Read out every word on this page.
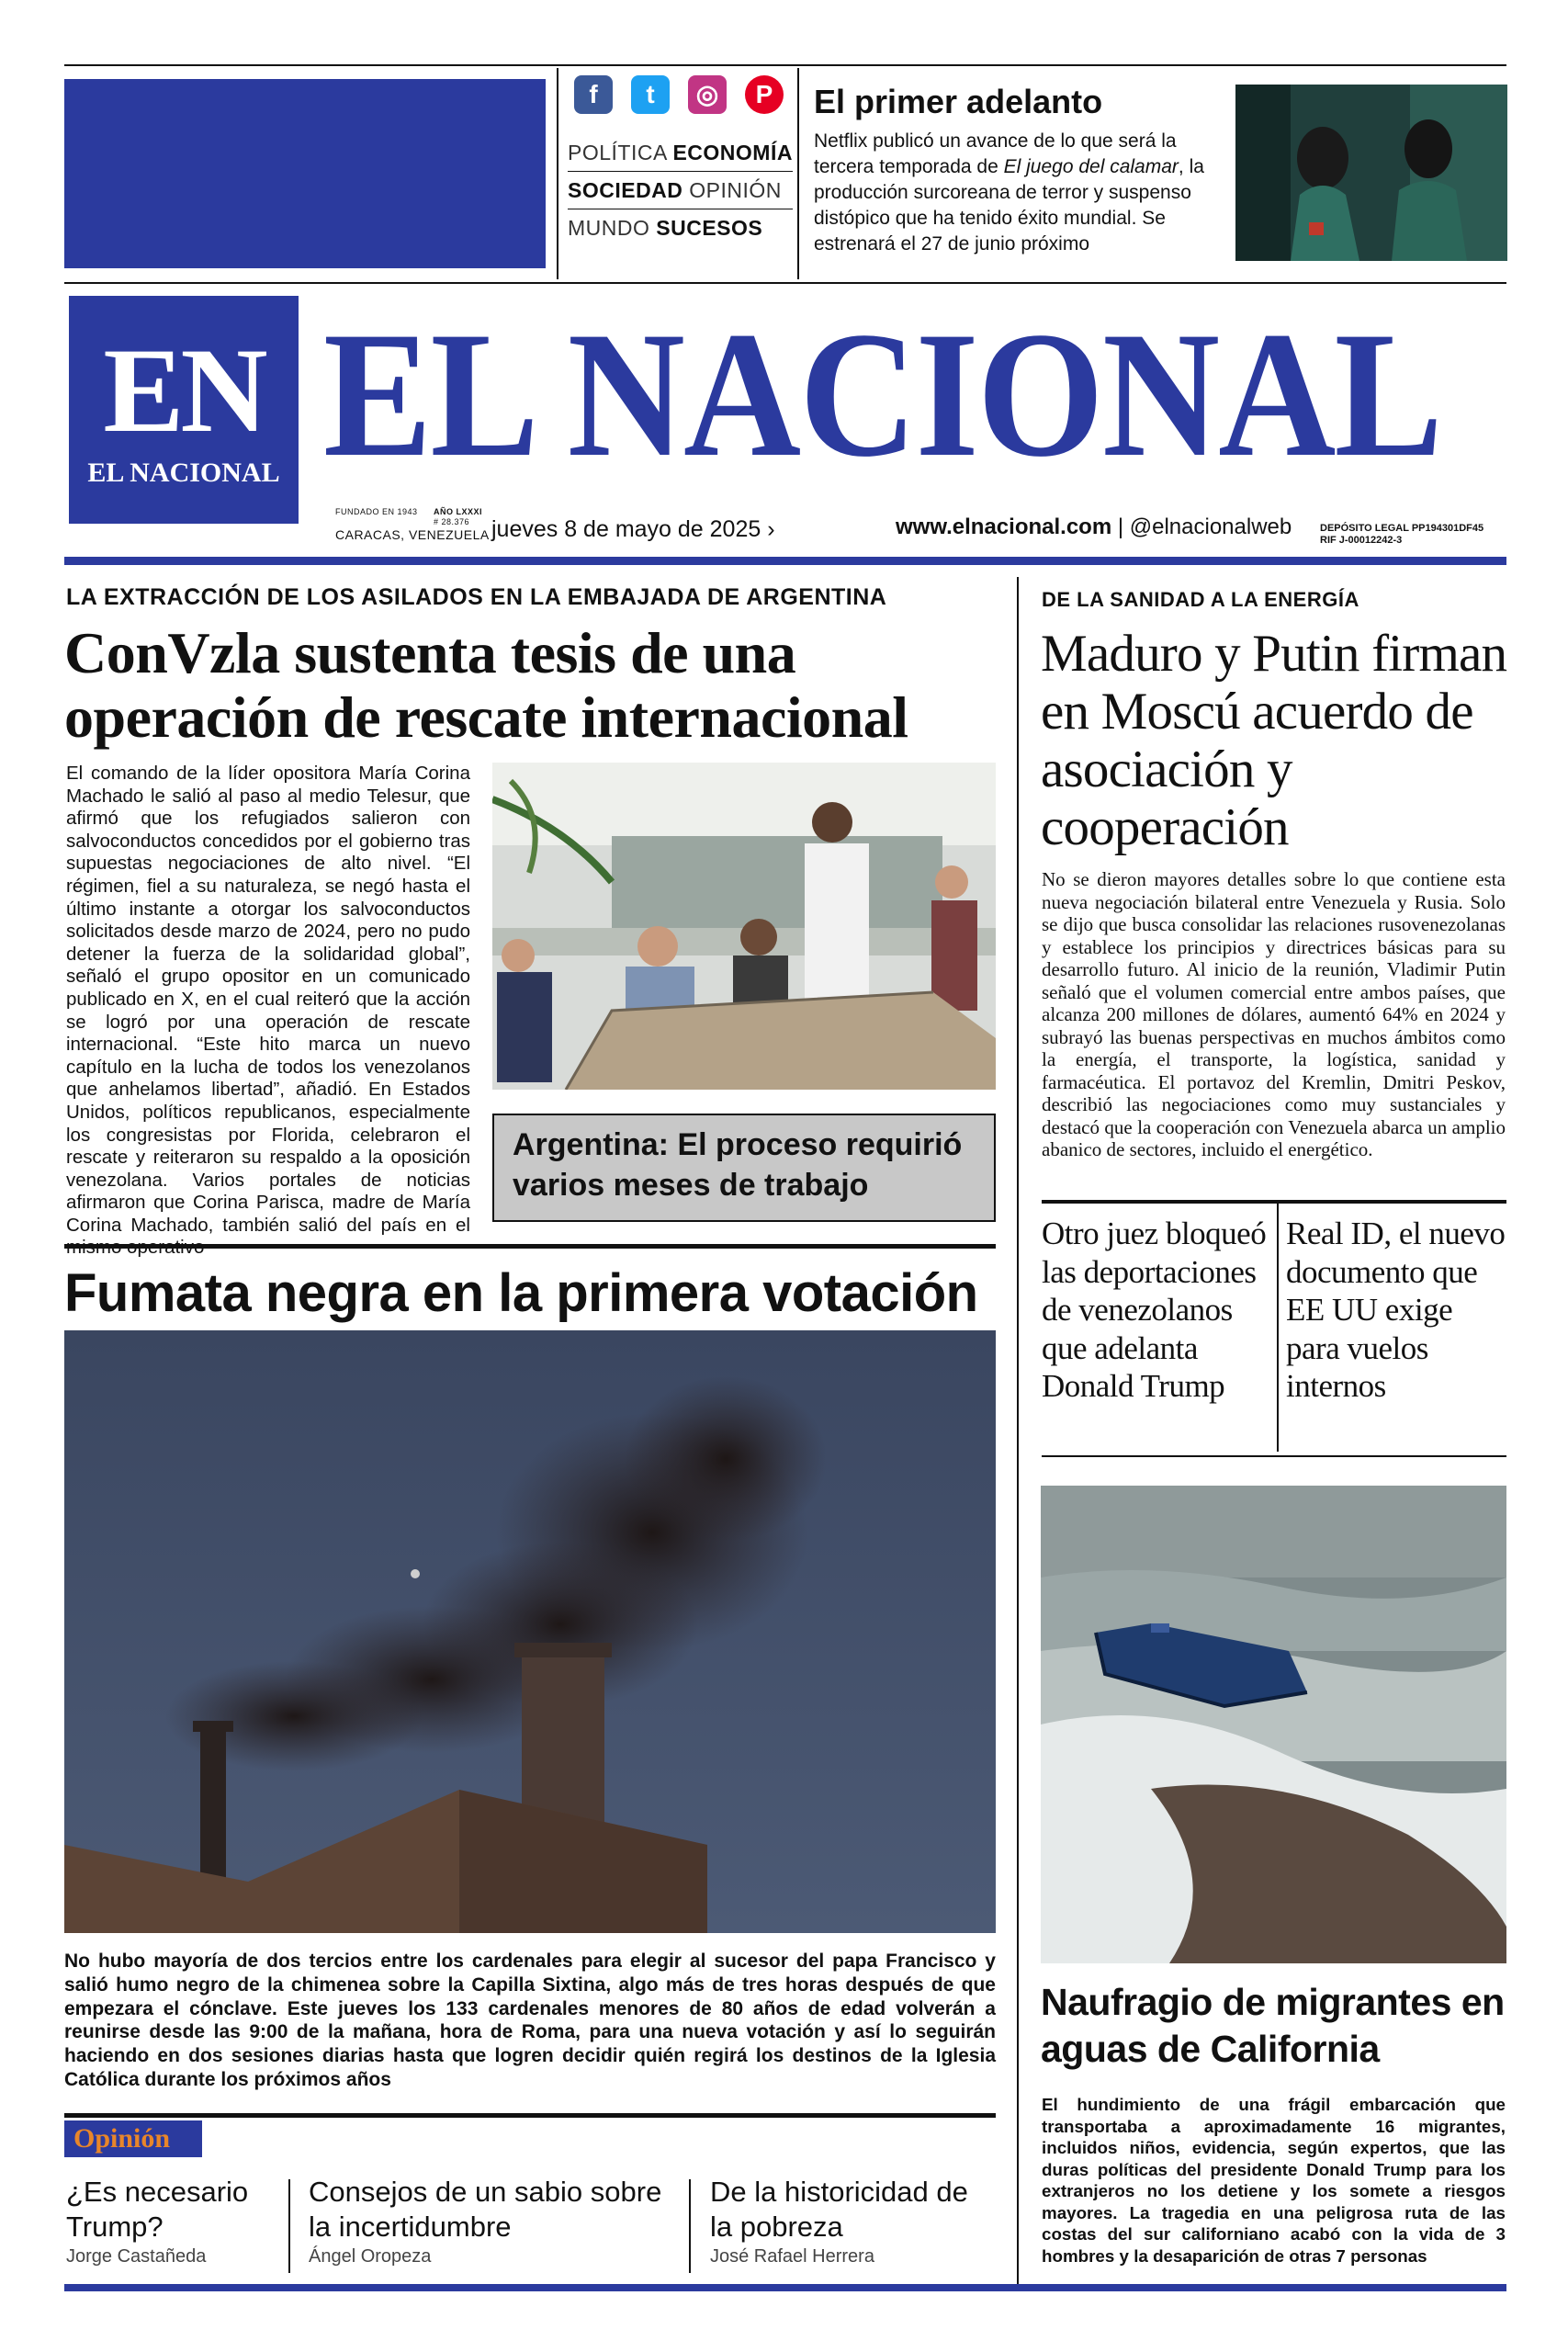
f	t	◎	P
POLÍTICA ECONOMÍA
SOCIEDAD OPINIÓN
MUNDO SUCESOS
El primer adelanto
Netflix publicó un avance de lo que será la tercera temporada de El juego del calamar, la producción surcoreana de terror y suspenso distópico que ha tenido éxito mundial. Se estrenará el 27 de junio próximo
EN
EL NACIONAL EL NACIONAL
FUNDADO EN 1943 AÑO LXXXI
# 28.376
CARACAS, VENEZUELA jueves 8 de mayo de 2025 ›	www.elnacional.com | @elnacionalweb	DEPÓSITO LEGAL PP194301DF45
RIF J-00012242-3
LA EXTRACCIÓN DE LOS ASILADOS EN LA EMBAJADA DE ARGENTINA
ConVzla sustenta tesis de una operación de rescate internacional
El comando de la líder opositora María Corina Machado le salió al paso al medio Telesur, que afirmó que los refugiados salieron con salvoconductos concedidos por el gobierno tras supuestas negociaciones de alto nivel. “El régimen, fiel a su naturaleza, se negó hasta el último instante a otorgar los salvoconductos solicitados desde marzo de 2024, pero no pudo detener la fuerza de la solidaridad global”, señaló el grupo opositor en un comunicado publicado en X, en el cual reiteró que la acción se logró por una operación de rescate internacional. “Este hito marca un nuevo capítulo en la lucha de todos los venezolanos que anhelamos libertad”, añadió. En Estados Unidos, políticos republicanos, especialmente los congresistas por Florida, celebraron el rescate y reiteraron su respaldo a la oposición venezolana. Varios portales de noticias afirmaron que Corina Parisca, madre de María Corina Machado, también salió del país en el
Argentina: El proceso requirió varios meses de trabajo
Fumata negra en la primera votación
No hubo mayoría de dos tercios entre los cardenales para elegir al sucesor del papa Francisco y salió humo negro de la chimenea sobre la Capilla Sixtina, algo más de tres horas después de que empezara el cónclave. Este jueves los 133 cardenales menores de 80 años de edad volverán a reunirse desde las 9:00 de la mañana, hora de Roma, para una nueva votación y así lo seguirán haciendo en dos sesiones diarias hasta que logren decidir quién regirá los destinos de la Iglesia Católica durante los próximos años
Opinión
¿Es necesario Trump?
Jorge Castañeda
Consejos de un sabio sobre la incertidumbre
Ángel Oropeza
De la historicidad de la pobreza
José Rafael Herrera
DE LA SANIDAD A LA ENERGÍA
Maduro y Putin firman en Moscú acuerdo de asociación y cooperación
No se dieron mayores detalles sobre lo que contiene esta nueva negociación bilateral entre Venezuela y Rusia. Solo se dijo que busca consolidar las relaciones rusovenezolanas y establece los principios y directrices básicas para su desarrollo futuro. Al inicio de la reunión, Vladimir Putin señaló que el volumen comercial entre ambos países, que alcanza 200 millones de dólares, aumentó 64% en 2024 y subrayó las buenas perspectivas en muchos ámbitos como la energía, el transporte, la logística, sanidad y farmacéutica. El portavoz del Kremlin, Dmitri Peskov, describió las negociaciones como muy sustanciales y destacó que la cooperación con Venezuela abarca un amplio abanico de sectores, incluido el energético.
Otro juez bloqueó las deportaciones de venezolanos que adelanta Donald Trump
Real ID, el nuevo documento que EE UU exige para vuelos internos
Naufragio de migrantes en aguas de California
El hundimiento de una frágil embarcación que transportaba a aproximadamente 16 migrantes, incluidos niños, evidencia, según expertos, que las duras políticas del presidente Donald Trump para los extranjeros no los detiene y los somete a riesgos mayores. La tragedia en una peligrosa ruta de las costas del sur californiano acabó con la vida de 3 hombres y la desaparición de otras 7 personas
